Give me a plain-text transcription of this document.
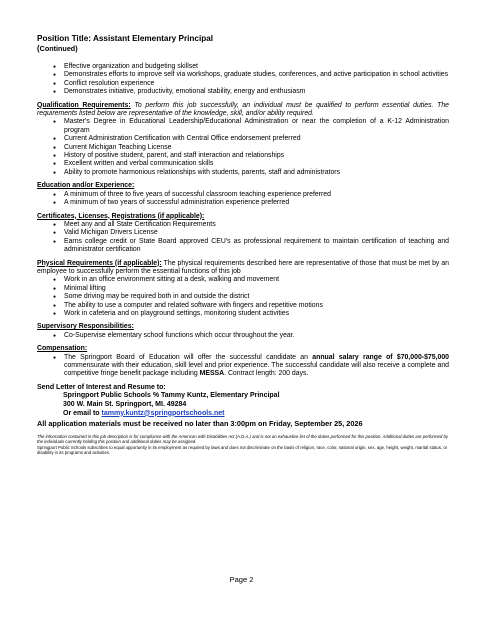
Position Title: Assistant Elementary Principal

(Continued)

● Effective organization and budgeting skillset
● Demonstrates efforts to improve self via workshops, graduate studies, conferences, and active participation in school activities
● Conflict resolution experience
● Demonstrates initiative, productivity, emotional stability, energy and enthusiasm

Qualification Requirements: To perform this job successfully, an individual must be qualified to perform essential duties. The requirements listed below are representative of the knowledge, skill, and/or ability required.

● Master's Degree in Educational Leadership/Educational Administration or near the completion of a K-12 Administration program
● Current Administration Certification with Central Office endorsement preferred
● Current Michigan Teaching License
● History of positive student, parent, and staff interaction and relationships
● Excellent written and verbal communication skills
● Ability to promote harmonious relationships with students, parents, staff and administrators

Education and/or Experience:

● A minimum of three to five years of successful classroom teaching experience preferred
● A minimum of two years of successful administration experience preferred

Certificates, Licenses, Registrations (if applicable):

● Meet any and all State Certification Requirements
● Valid Michigan Drivers License
● Earns college credit or State Board approved CEU's as professional requirement to maintain certification of teaching and administrator certification

Physical Requirements (if applicable): The physical requirements described here are representative of those that must be met by an employee to successfully perform the essential functions of this job

● Work in an office environment sitting at a desk, walking and movement
● Minimal lifting
● Some driving may be required both in and outside the district
● The ability to use a computer and related software with fingers and repetitive motions
● Work in cafeteria and on playground settings, monitoring student activities

Supervisory Responsibilities:

● Co-Supervise elementary school functions which occur throughout the year.

Compensation:

● The Springport Board of Education will offer the successful candidate an annual salary range of $70,000-$75,000 commensurate with their education, skill level and prior experience. The successful candidate will also receive a complete and competitive fringe benefit package including MESSA. Contract length: 200 days.
Send Letter of Interest and Resume to:
Springport Public Schools % Tammy Kuntz, Elementary Principal
300 W. Main St. Springport, MI. 49284
Or email to tammy.kuntz@springportschools.net
All application materials must be received no later than 3:00pm on Friday, September 25, 2026
The information contained in this job description is for compliance with the American with Disabilities Act (A.D.A.) and is not an exhaustive list of the duties performed for this position. Additional duties are performed by the individuals currently holding this position and additional duties may be assigned.
Springport Public Schools subscribes to equal opportunity in its employment as required by laws and does not discriminate on the basis of religion, race, color, national origin, sex, age, height, weight, marital status, or disability in its programs and activities.
Page 2
